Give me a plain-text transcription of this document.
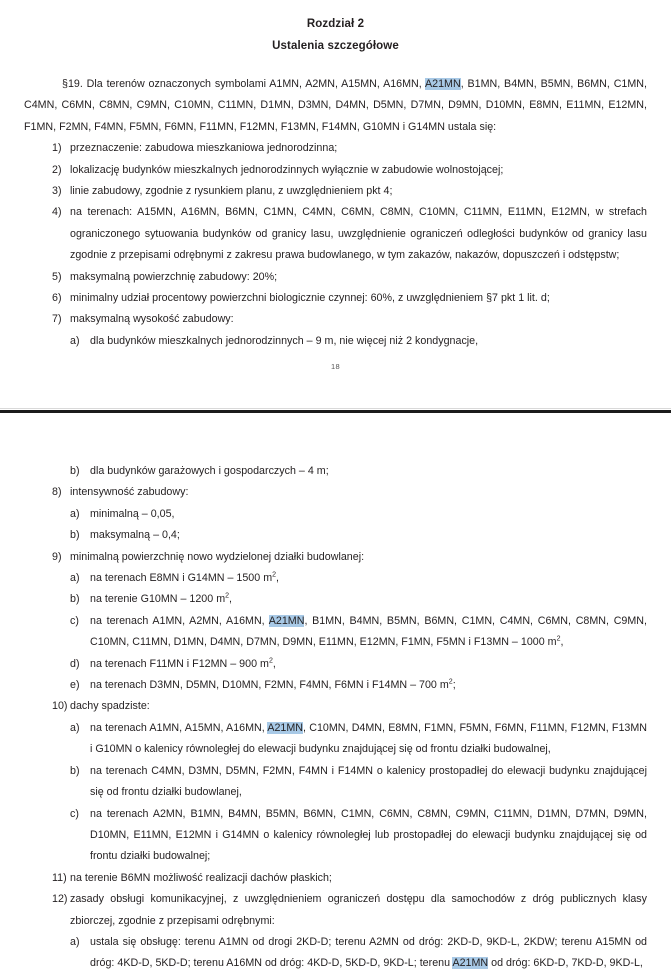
Rozdział 2
Ustalenia szczegółowe

§19. Dla terenów oznaczonych symbolami A1MN, A2MN, A15MN, A16MN, A21MN, B1MN, B4MN, B5MN, B6MN, C1MN, C4MN, C6MN, C8MN, C9MN, C10MN, C11MN, D1MN, D3MN, D4MN, D5MN, D7MN, D9MN, D10MN, E8MN, E11MN, E12MN, F1MN, F2MN, F4MN, F5MN, F6MN, F11MN, F12MN, F13MN, F14MN, G10MN i G14MN ustala się:

1) przeznaczenie: zabudowa mieszkaniowa jednorodzinna;
2) lokalizację budynków mieszkalnych jednorodzinnych wyłącznie w zabudowie wolnostojącej;
3) linie zabudowy, zgodnie z rysunkiem planu, z uwzględnieniem pkt 4;
4) na terenach: A15MN, A16MN, B6MN, C1MN, C4MN, C6MN, C8MN, C10MN, C11MN, E11MN, E12MN, w strefach ograniczonego sytuowania budynków od granicy lasu, uwzględnienie ograniczeń odległości budynków od granicy lasu zgodnie z przepisami odrębnymi z zakresu prawa budowlanego, w tym zakazów, nakazów, dopuszczeń i odstępstw;
5) maksymalną powierzchnię zabudowy: 20%;
6) minimalny udział procentowy powierzchni biologicznie czynnej: 60%, z uwzględnieniem §7 pkt 1 lit. d;
7) maksymalną wysokość zabudowy:
a) dla budynków mieszkalnych jednorodzinnych – 9 m, nie więcej niż 2 kondygnacje,
18
b) dla budynków garażowych i gospodarczych – 4 m;
8) intensywność zabudowy:
a) minimalną – 0,05,
b) maksymalną – 0,4;
9) minimalną powierzchnię nowo wydzielonej działki budowlanej:
a) na terenach E8MN i G14MN – 1500 $m^2$,
b) na terenie G10MN – 1200 $m^2$,
c)	na terenach A1MN, A2MN, A16MN, A21MN, B1MN, B4MN, B5MN, B6MN, C1MN, C4MN, C6MN, C8MN, C9MN, C10MN, C11MN, D1MN, D4MN, D7MN, D9MN, E11MN, E12MN, F1MN, F5MN i F13MN – 1000 $m^2$,
d) na terenach F11MN i F12MN – 900 $m^2$,
e) na terenach D3MN, D5MN, D10MN, F2MN, F4MN, F6MN i F14MN – 700 $m^2$;
10) dachy spadziste:
a) na terenach A1MN, A15MN, A16MN, A21MN, C10MN, D4MN, E8MN, F1MN, F5MN, F6MN, F11MN, F12MN, F13MN i G10MN o kalenicy równoległej do elewacji budynku znajdującej się od frontu działki budowalnej,
b) na terenach C4MN, D3MN, D5MN, F2MN, F4MN i F14MN o kalenicy prostopadłej do elewacji budynku znajdującej się od frontu działki budowlanej,
c)	na terenach A2MN, B1MN, B4MN, B5MN, B6MN, C1MN, C6MN, C8MN, C9MN, C11MN, D1MN, D7MN, D9MN, D10MN, E11MN, E12MN i G14MN o kalenicy równoległej lub prostopadłej do elewacji budynku znajdującej się od frontu działki budowalnej;
11) na terenie B6MN możliwość realizacji dachów płaskich;
12) zasady obsługi komunikacyjnej, z uwzględnieniem ograniczeń dostępu dla samochodów z dróg publicznych klasy zbiorczej, zgodnie z przepisami odrębnymi:
a) ustala się obsługę: terenu A1MN od drogi 2KD-D; terenu A2MN od dróg: 2KD-D, 9KD-L, 2KDW; terenu A15MN od dróg: 4KD-D, 5KD-D; terenu A16MN od dróg: 4KD-D, 5KD-D, 9KD-L; terenu A21MN od dróg: 6KD-D, 7KD-D, 9KD-L,
